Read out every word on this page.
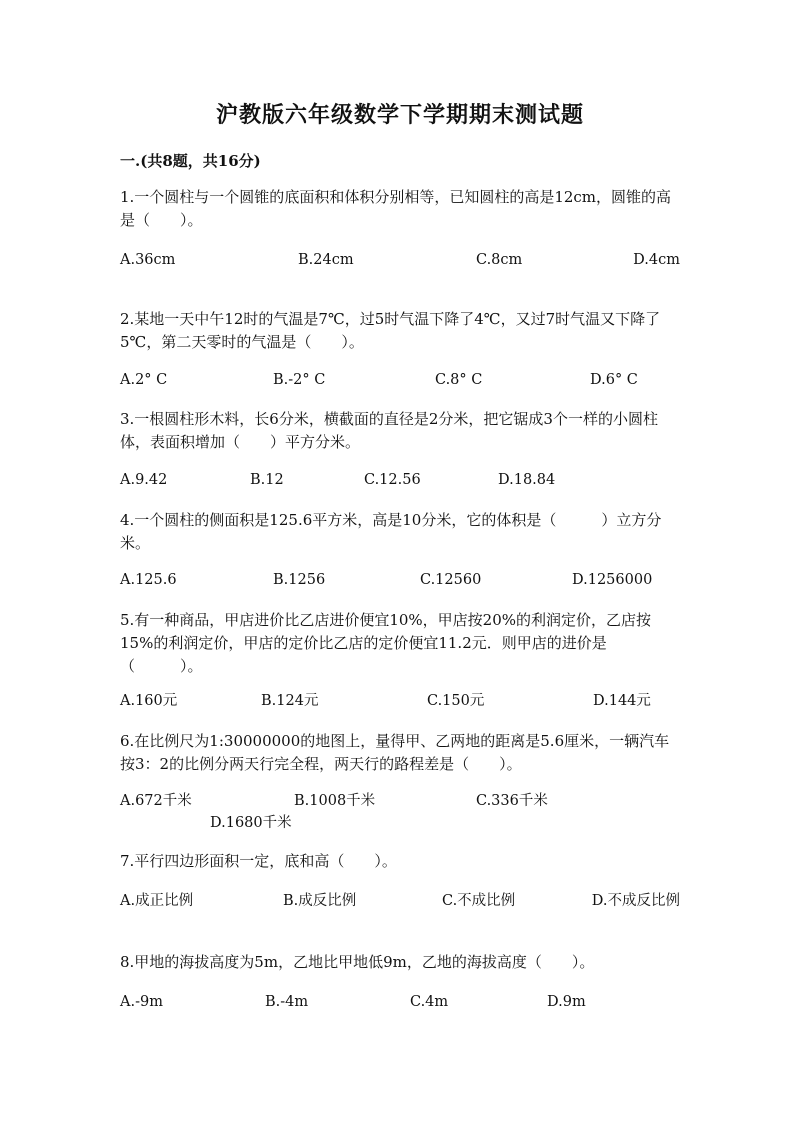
沪教版六年级数学下学期期末测试题
一.(共8题，共16分)
1.一个圆柱与一个圆锥的底面积和体积分别相等，已知圆柱的高是12cm，圆锥的高是（　　）。
A.36cm	B.24cm	C.8cm	D.4cm
2.某地一天中午12时的气温是7℃，过5时气温下降了4℃，又过7时气温又下降了5℃，第二天零时的气温是（　　）。
A.2° C	B.-2° C	C.8° C	D.6° C
3.一根圆柱形木料，长6分米，横截面的直径是2分米，把它锯成3个一样的小圆柱体，表面积增加（　　）平方分米。
A.9.42	B.12	C.12.56	D.18.84
4.一个圆柱的侧面积是125.6平方米，高是10分米，它的体积是（　　　）立方分米。
A.125.6	B.1256	C.12560	D.1256000
5.有一种商品，甲店进价比乙店进价便宜10%，甲店按20%的利润定价，乙店按15%的利润定价，甲店的定价比乙店的定价便宜11.2元．则甲店的进价是（　　　）。
A.160元	B.124元	C.150元	D.144元
6.在比例尺为1:30000000的地图上，量得甲、乙两地的距离是5.6厘米，一辆汽车按3：2的比例分两天行完全程，两天行的路程差是（　　）。
A.672千米	B.1008千米	C.336千米
D.1680千米
7.平行四边形面积一定，底和高（　　）。
A.成正比例	B.成反比例	C.不成比例	D.不成反比例
8.甲地的海拔高度为5m，乙地比甲地低9m，乙地的海拔高度（　　）。
A.-9m	B.-4m	C.4m	D.9m
